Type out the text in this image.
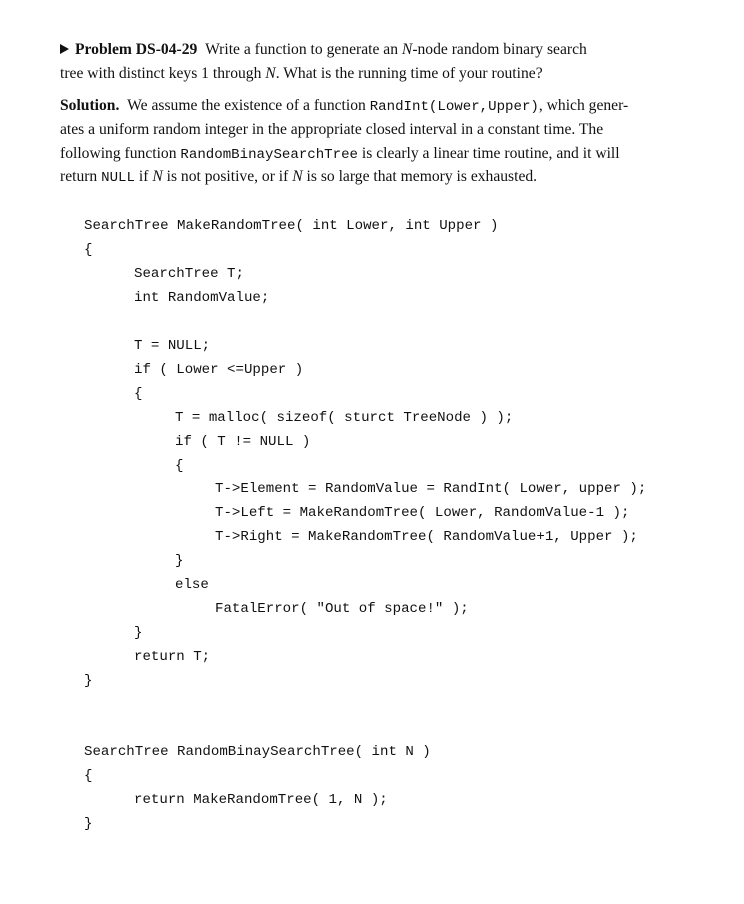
Problem DS-04-29 Write a function to generate an N-node random binary search
tree with distinct keys 1 through N. What is the running time of your routine?
Solution. We assume the existence of a function RandInt(Lower,Upper), which gener-
ates a uniform random integer in the appropriate closed interval in a constant time. The
following function RandomBinaySearchTree is clearly a linear time routine, and it will
return NULL if N is not positive, or if N is so large that memory is exhausted.
SearchTree MakeRandomTree( int Lower, int Upper )
{
SearchTree T;
int RandomValue;
T = NULL;
if ( Lower <=Upper )
{
T = malloc( sizeof( sturct TreeNode ) );
if ( T != NULL )
{
T->Element = RandomValue = RandInt( Lower, upper );
T->Left = MakeRandomTree( Lower, RandomValue-1 );
T->Right = MakeRandomTree( RandomValue+1, Upper );
}
else
FatalError( "Out of space!" );
}
return T;
}
SearchTree RandomBinaySearchTree( int N )
{
return MakeRandomTree( 1, N );
}
